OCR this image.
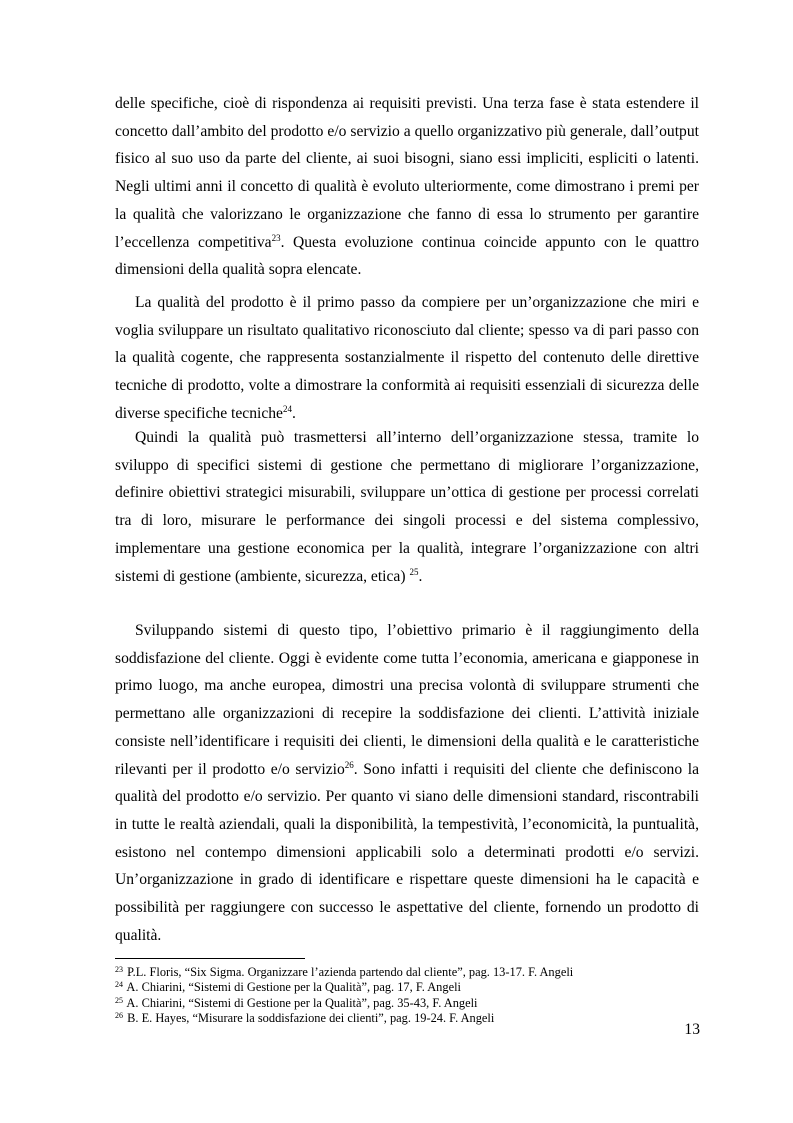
delle specifiche, cioè di rispondenza ai requisiti previsti. Una terza fase è stata estendere il concetto dall’ambito del prodotto e/o servizio a quello organizzativo più generale, dall’output fisico al suo uso da parte del cliente, ai suoi bisogni, siano essi impliciti, espliciti o latenti. Negli ultimi anni il concetto di qualità è evoluto ulteriormente, come dimostrano i premi per la qualità che valorizzano le organizzazione che fanno di essa lo strumento per garantire l’eccellenza competitiva$^{23}$. Questa evoluzione continua coincide appunto con le quattro dimensioni della qualità sopra elencate.

La qualità del prodotto è il primo passo da compiere per un’organizzazione che miri e voglia sviluppare un risultato qualitativo riconosciuto dal cliente; spesso va di pari passo con la qualità cogente, che rappresenta sostanzialmente il rispetto del contenuto delle direttive tecniche di prodotto, volte a dimostrare la conformità ai requisiti essenziali di sicurezza delle diverse specifiche tecniche$^{24}$.

Quindi la qualità può trasmettersi all’interno dell’organizzazione stessa, tramite lo sviluppo di specifici sistemi di gestione che permettano di migliorare l’organizzazione, definire obiettivi strategici misurabili, sviluppare un’ottica di gestione per processi correlati tra di loro, misurare le performance dei singoli processi e del sistema complessivo, implementare una gestione economica per la qualità, integrare l’organizzazione con altri sistemi di gestione (ambiente, sicurezza, etica) $^{25}$.

Sviluppando sistemi di questo tipo, l’obiettivo primario è il raggiungimento della soddisfazione del cliente. Oggi è evidente come tutta l’economia, americana e giapponese in primo luogo, ma anche europea, dimostri una precisa volontà di sviluppare strumenti che permettano alle organizzazioni di recepire la soddisfazione dei clienti. L’attività iniziale consiste nell’identificare i requisiti dei clienti, le dimensioni della qualità e le caratteristiche rilevanti per il prodotto e/o servizio$^{26}$. Sono infatti i requisiti del cliente che definiscono la qualità del prodotto e/o servizio. Per quanto vi siano delle dimensioni standard, riscontrabili in tutte le realtà aziendali, quali la disponibilità, la tempestività, l’economicità, la puntualità, esistono nel contempo dimensioni applicabili solo a determinati prodotti e/o servizi. Un’organizzazione in grado di identificare e rispettare queste dimensioni ha le capacità e possibilità per raggiungere con successo le aspettative del cliente, fornendo un prodotto di qualità.

$^{23}$ P.L. Floris, “Six Sigma. Organizzare l’azienda partendo dal cliente”, pag. 13-17. F. Angeli

$^{24}$ A. Chiarini, “Sistemi di Gestione per la Qualità”, pag. 17, F. Angeli

$^{25}$ A. Chiarini, “Sistemi di Gestione per la Qualità”, pag. 35-43, F. Angeli

$^{26}$ B. E. Hayes, “Misurare la soddisfazione dei clienti”, pag. 19-24. F. Angeli

13
